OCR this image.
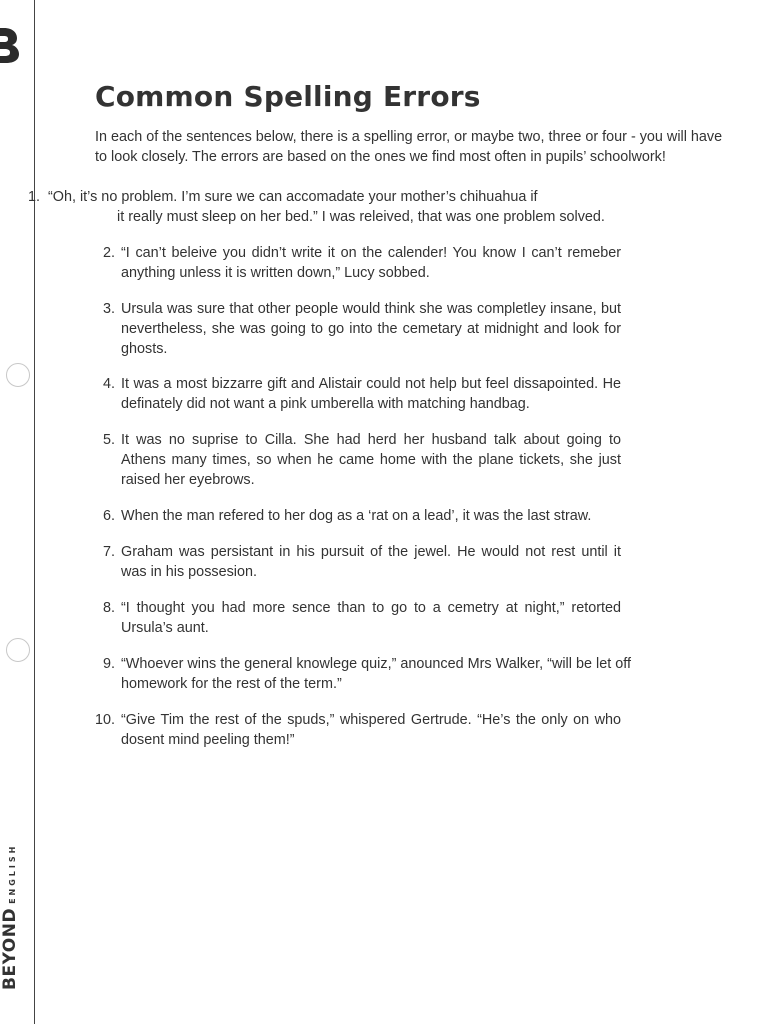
BEYOND
ENGLISH
Common Spelling Errors

In each of the sentences below, there is a spelling error, or maybe two, three or four - you will have to look closely. The errors are based on the ones we find most often in pupils’ schoolwork!

1. “Oh, it’s no problem. I’m sure we can accomadate your mother’s chihuahua if
it really must sleep on her bed.” I was releived, that was one problem solved.
2. “I can’t beleive you didn’t write it on the calender! You know I can’t remeber anything unless it is written down,” Lucy sobbed.
3. Ursula was sure that other people would think she was completley insane, but nevertheless, she was going to go into the cemetary at midnight and look for ghosts.
4. It was a most bizzarre gift and Alistair could not help but feel dissapointed. He definately did not want a pink umberella with matching handbag.
5. It was no suprise to Cilla. She had herd her husband talk about going to Athens many times, so when he came home with the plane tickets, she just raised her eyebrows.
6. When the man refered to her dog as a ‘rat on a lead’, it was the last straw.
7. Graham was persistant in his pursuit of the jewel. He would not rest until it was in his possesion.
8. “I thought you had more sence than to go to a cemetry at night,” retorted Ursula’s aunt.
9. “Whoever wins the general knowlege quiz,” anounced Mrs Walker, “will be let off homework for the rest of the term.”
10. “Give Tim the rest of the spuds,” whispered Gertrude. “He’s the only on who dosent mind peeling them!”
